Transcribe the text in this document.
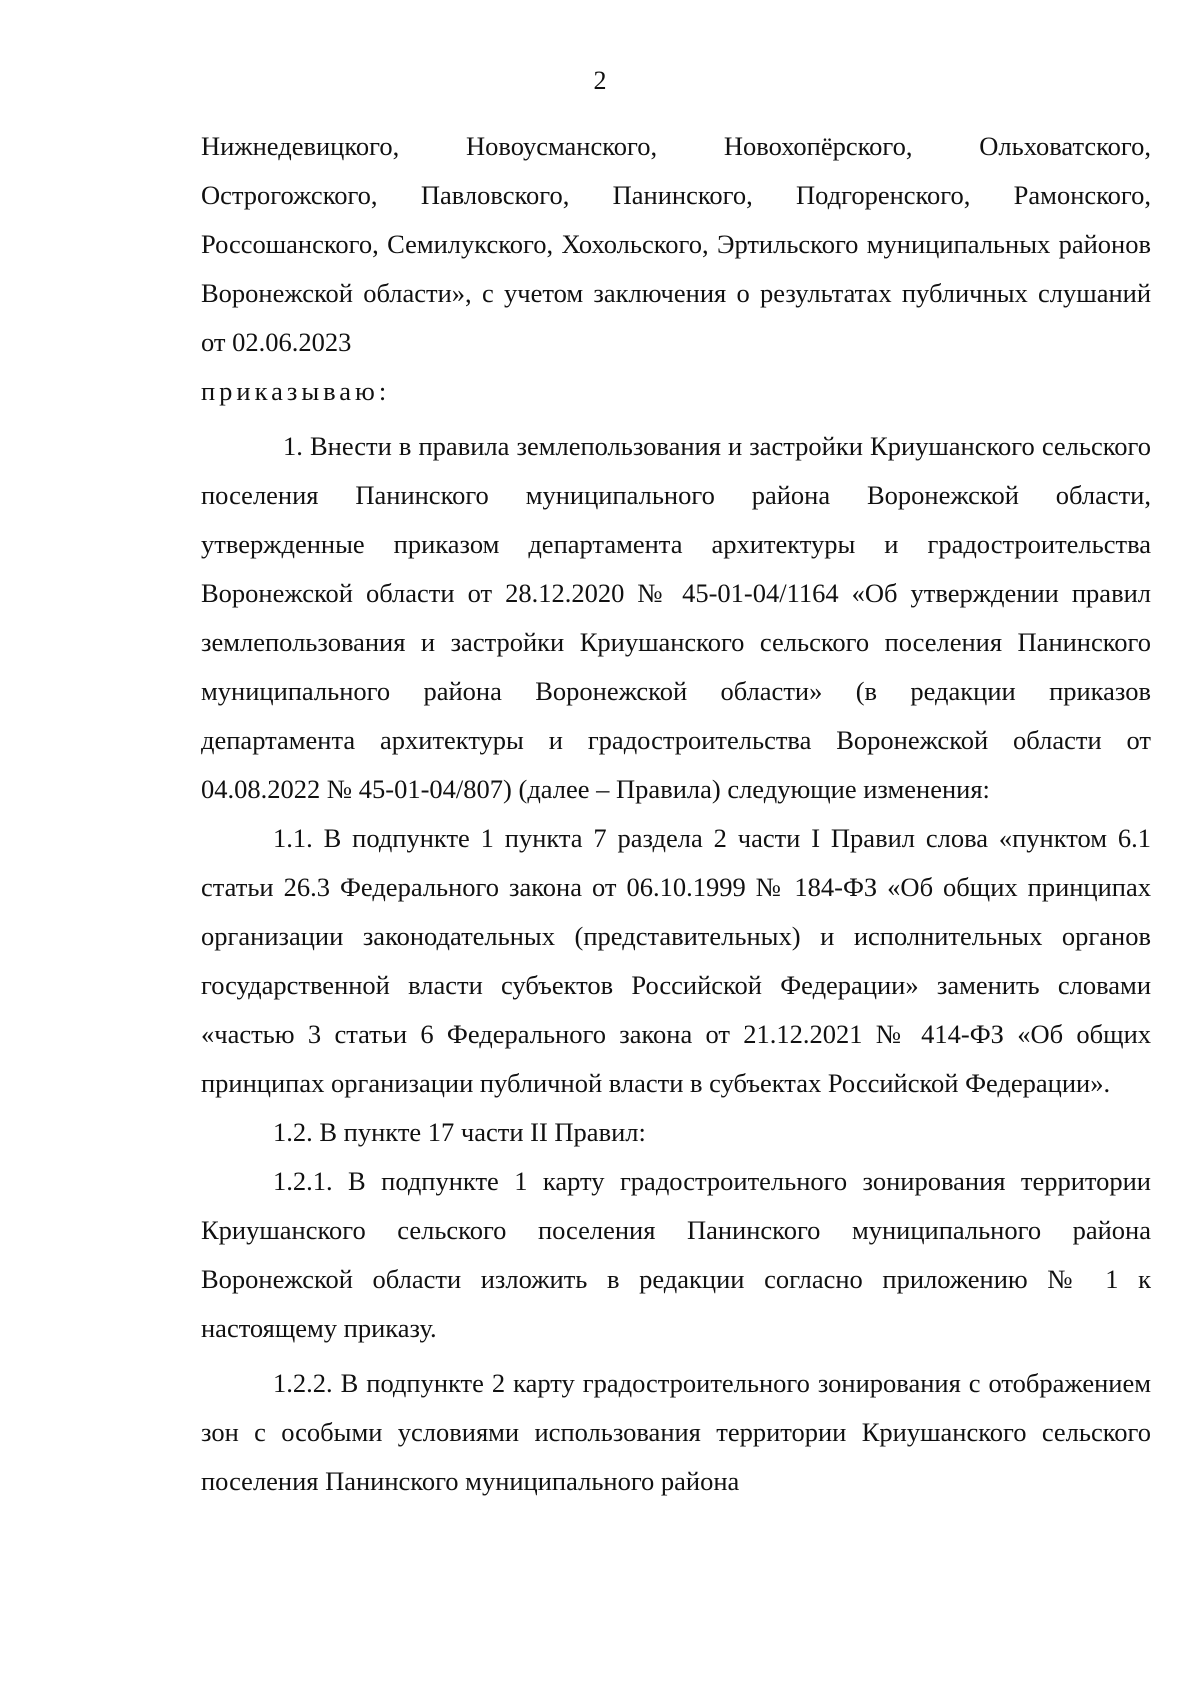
2

Нижнедевицкого, Новоусманского, Новохопёрского, Ольховатского, Острогожского, Павловского, Панинского, Подгоренского, Рамонского, Россошанского, Семилукского, Хохольского, Эртильского муниципальных районов Воронежской области», с учетом заключения о результатах публичных слушаний от 02.06.2023

приказываю:

1. Внести в правила землепользования и застройки Криушанского сельского поселения Панинского муниципального района Воронежской области, утвержденные приказом департамента архитектуры и градостроительства Воронежской области от 28.12.2020 № 45-01-04/1164 «Об утверждении правил землепользования и застройки Криушанского сельского поселения Панинского муниципального района Воронежской области» (в редакции приказов департамента архитектуры и градостроительства Воронежской области от 04.08.2022 № 45-01-04/807) (далее – Правила) следующие изменения:

1.1. В подпункте 1 пункта 7 раздела 2 части I Правил слова «пунктом 6.1 статьи 26.3 Федерального закона от 06.10.1999 № 184-ФЗ «Об общих принципах организации законодательных (представительных) и исполнительных органов государственной власти субъектов Российской Федерации» заменить словами «частью 3 статьи 6 Федерального закона от 21.12.2021 № 414-ФЗ «Об общих принципах организации публичной власти в субъектах Российской Федерации».

1.2. В пункте 17 части II Правил:

1.2.1. В подпункте 1 карту градостроительного зонирования территории Криушанского сельского поселения Панинского муниципального района Воронежской области изложить в редакции согласно приложению № 1 к настоящему приказу.

1.2.2. В подпункте 2 карту градостроительного зонирования с отображением зон с особыми условиями использования территории Криушанского сельского поселения Панинского муниципального района
